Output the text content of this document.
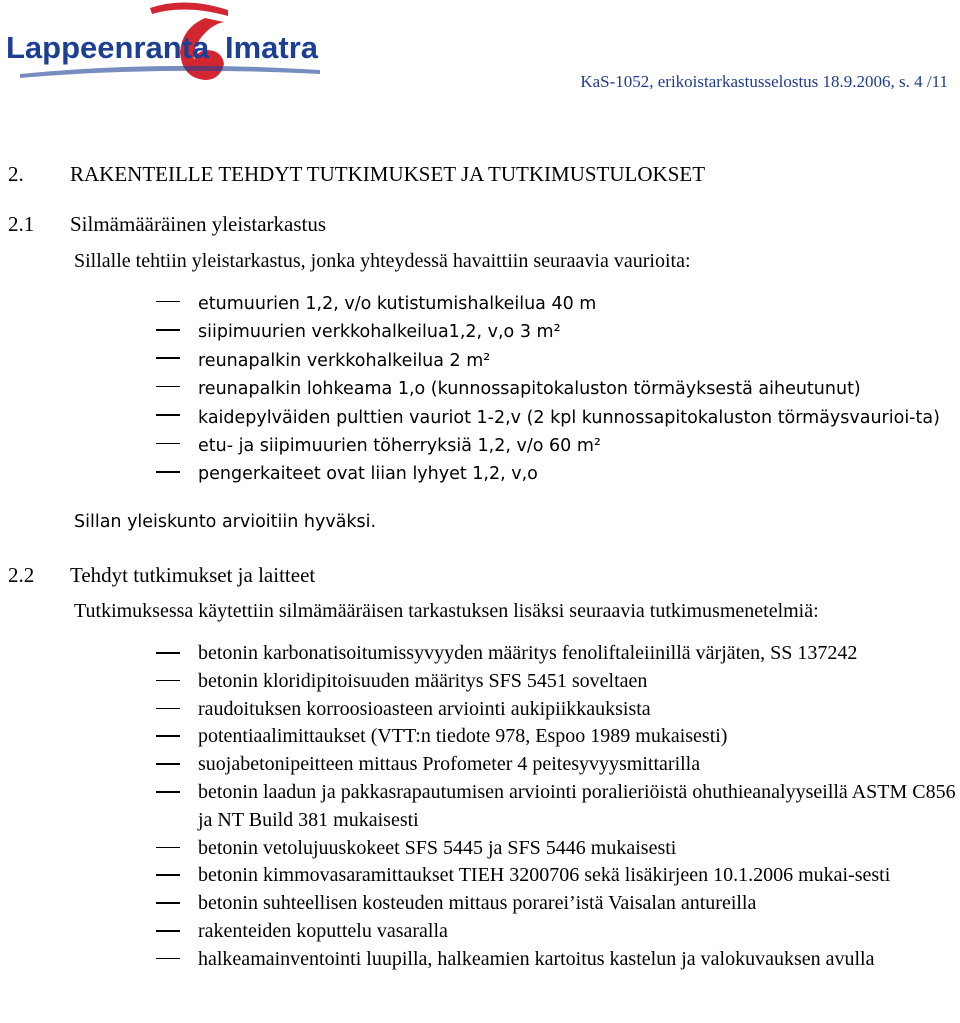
Lappeenranta Imatra
KaS-1052, erikoistarkastusselostus 18.9.2006, s. 4 /11
2. RAKENTEILLE TEHDYT TUTKIMUKSET JA TUTKIMUSTULOKSET
2.1 Silmämääräinen yleistarkastus

Sillalle tehtiin yleistarkastus, jonka yhteydessä havaittiin seuraavia vaurioita:

etumuurien 1,2, v/o kutistumishalkeilua 40 m
siipimuurien verkkohalkeilua1,2, v,o 3 m²
reunapalkin verkkohalkeilua 2 m²
reunapalkin lohkeama 1,o (kunnossapitokaluston törmäyksestä aiheutunut)
kaidepylväiden pulttien vauriot 1-2,v (2 kpl kunnossapitokaluston törmäysvaurioi-ta)
etu- ja siipimuurien töherryksiä 1,2, v/o 60 m²
pengerkaiteet ovat liian lyhyet 1,2, v,o

Sillan yleiskunto arvioitiin hyväksi.

2.2 Tehdyt tutkimukset ja laitteet

Tutkimuksessa käytettiin silmämääräisen tarkastuksen lisäksi seuraavia tutkimusmenetelmiä:

betonin karbonatisoitumissyvyyden määritys fenoliftaleiinillä värjäten, SS 137242
betonin kloridipitoisuuden määritys SFS 5451 soveltaen
raudoituksen korroosioasteen arviointi aukipiikkauksista
potentiaalimittaukset (VTT:n tiedote 978, Espoo 1989 mukaisesti)
suojabetonipeitteen mittaus Profometer 4 peitesyvyysmittarilla
betonin laadun ja pakkasrapautumisen arviointi poralieriöistä ohuthieanalyyseillä ASTM C856 ja NT Build 381 mukaisesti
betonin vetolujuuskokeet SFS 5445 ja SFS 5446 mukaisesti
betonin kimmovasaramittaukset TIEH 3200706 sekä lisäkirjeen 10.1.2006 mukai-sesti
betonin suhteellisen kosteuden mittaus porarei’istä Vaisalan antureilla
rakenteiden koputtelu vasaralla
halkeamainventointi luupilla, halkeamien kartoitus kastelun ja valokuvauksen avulla
